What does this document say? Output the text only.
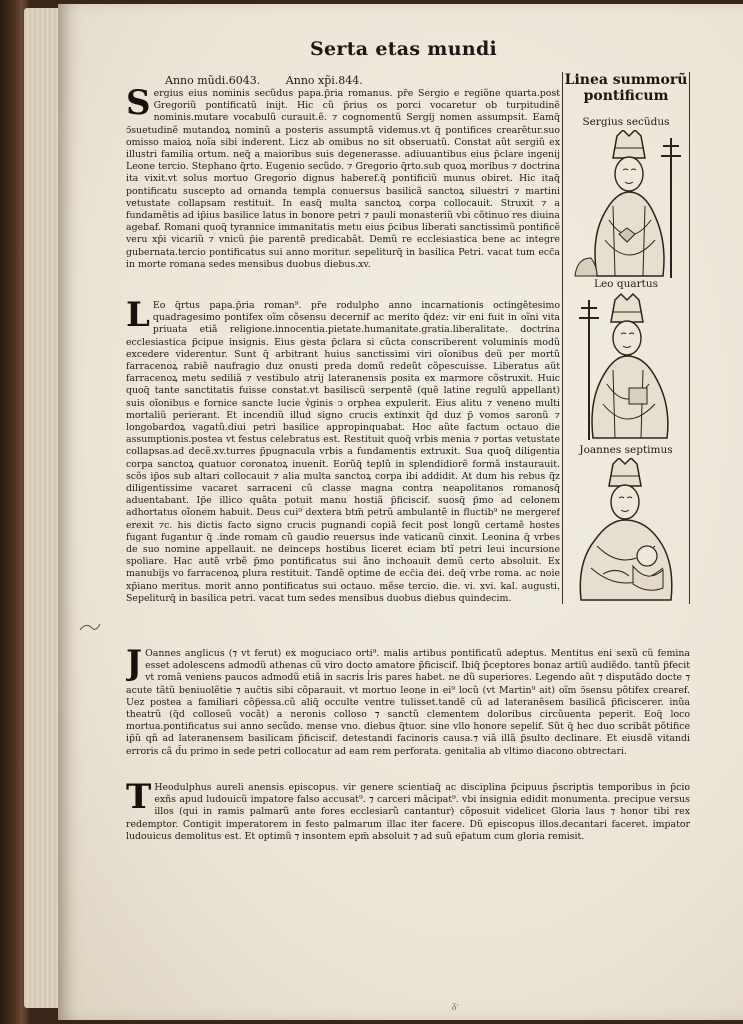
Serta etas mundi
Anno mũdi.6043. Anno xp̃i.844.
S ergius eius nominis secũdus papa.p̃ria romanus. pr̃e Sergio e regiõne quarta.post Gregoriũ pontificatũ inijt. Hic cũ p̃rius os porci vocaretur ob turpitudinẽ nominis.mutare vocabulũ curauit.ẽ. ⁊ cognomentũ Sergij nomen assumpsit. Eamq̃ ↄ̃suetudinẽ mutandoꝝ nominũ a posteris assumptã videmus.vt q̃ pontifices crearẽtur.suo omisso maioꝝ noĩa sibi inderent. Licz ab omibus no sit obseruatũ. Constat aũt sergiũ ex illustri familia ortum. neq̃ a maioribus suis degenerasse. adiuuantibus eius p̃clare ingenij Leone tercio. Stephano q̃rto. Eugenio secũdo. ⁊ Gregorio q̃rto.sub quoꝝ moribus ⁊ doctrina ita vixit.vt solus mortuo Gregorio dignus haberef.q̃ pontificiũ munus obiret. Hic itaq̃ pontificatu suscepto ad ornanda templa conuersus basilicã sanctoꝝ siluestri ⁊ martini vetustate collapsam restituit. In easq̃ multa sanctoꝝ corpa collocauit. Struxit ⁊ a fundamẽtis ad ip̃ius basilice latus in bonore petri ⁊ pauli monasteriũ vbi cõtinuo res diuina agebaf. Romani quoq̃ tyrannice immanitatis metu eius p̃cibus liberati sanctissimũ pontificẽ veru xp̃i vicariũ ⁊ vnicũ p̃ie parentẽ predicabãt. Demũ re ecclesiastica bene ac integre gubernata.tercio pontificatus sui anno moritur. sepeliturq̃ in basilica Petri. vacat tum ecc̃a in morte romana sedes mensibus duobus diebus.xv.
L Eo q̃rtus papa.p̃ria roman⁹. pr̃e rodulpho anno incarnationis octingẽtesimo quadragesimo pontifex oĩm cõsensu decernif ac merito q̃dez: vir eni fuit in oĩni vita priuata etiã religione.innocentia.pietate.humanitate.gratia.liberalitate. doctrina ecclesiastica p̃cipue insignis. Eius gesta p̃clara si cũcta conscriberent voluminis modũ excedere viderentur. Sunt q̃ arbitrant huius sanctissimi viri oĩonibus deũ per mortũ farracenoꝝ rabiẽ naufragio duz onusti preda domũ redeũt cõpescuisse. Liberatus aũt farracenoꝝ metu sediliã ⁊ vestibulo atrij lateranensis posita ex marmore cõstruxit. Huic quoq̃ tante sanctitatis fuisse constat.vt basiliscũ serpentẽ (quẽ latine regulũ appellant) suis oĩonibus e fornice sancte lucie v̾ginis ↄ orphea expulerit. Eius alitu ⁊ veneno multi mortaliũ perierant. Et incendiũ illud signo crucis extinxit q̃d duz p̃ vomos saronũ ⁊ longobardoꝝ vagatũ.diui petri basilice appropinquabat. Hoc aũte factum octauo die assumptionis.postea vt festus celebratus est. Restituit quoq̃ vrbis menia ⁊ portas vetustate collapsas.ad decẽ.xv.turres p̃pugnacula vrbis a fundamentis extruxit. Sua quoq̃ diligentia corpa sanctoꝝ quatuor coronatoꝝ inuenit. Eorũq̃ teplũ in splendidiorẽ formã instaurauit. scõs ip̃os sub altari collocauit ⁊ alia multa sanctoꝝ corpa ibi addidit. At dum his rebus q̃z diligentissime vacaret sarraceni cũ classe magna contra neapolitanos romanosq̃ aduentabant. Ip̃e illico quãta potuit manu hostiã p̃ficiscif. suosq̃ p̃mo ad celonem adhortatus oĩonem habuit. Deus cui⁹ dextera btm̃ petrũ ambulantẽ in fluctib⁹ ne mergeref erexit ⁊c. his dictis facto signo crucis pugnandi copiã fecit post longũ certamẽ hostes fugant fugantur q̃ .inde romam cũ gaudio reuersus inde vaticanũ cinxit. Leonina q̃ vrbes de suo nomine appellauit. ne deinceps hostibus liceret eciam btĩ petri leui incursione spoliare. Hac autẽ vrbẽ p̃mo pontificatus sui ãno inchoauit demũ certo absoluit. Ex manubijs vo farracenoꝝ plura restituit. Tandẽ optime de ecc̃ia dei. deq̃ vrbe roma. ac noie xp̃iano meritus. morit anno pontificatus sui octauo. mẽse tercio. die. vi. xvi. kal. augusti. Sepeliturq̃ in basilica petri. vacat tum sedes mensibus duobus diebus quindecim.
J Oannes anglicus (⁊ vt ferut) ex moguciaco orti⁹. malis artibus pontificatũ adeptus. Mentitus eni sexũ cũ femina esset adolescens admodũ athenas cũ viro docto amatore p̃ficiscif. Ibiq̃ p̃ceptores bonaz artiũ audiẽdo. tantũ p̃fecit vt romã veniens paucos admodũ etiã in sacris l̾ris pares habet. ne dũ superiores. Legendo aũt ⁊ disputãdo docte ⁊ acute tãtũ beniuolẽtie ⁊ auc̃tis sibi cõparauit. vt mortuo leone in ei⁹ locũ (vt Martin⁹ ait) oĩm ↄ̃sensu põtifex crearef. Uez postea a familiari cõp̃essa.cũ aliq̃ occulte ventre tulisset.tandẽ cũ ad lateranẽsem basilicã p̃ficiscerer. inũa theatrũ (q̃d colloseũ vocãt) a neronis colloso ⁊ sanctũ clementem doloribus circũuenta peperit. Eoq̃ loco mortua.pontificatus sui anno secũdo. mense vno. diebus q̃tuor. sine vllo honore sepelif. Sũt q̃ hec duo scribãt põtifice ip̃ũ qñ ad lateranensem basilicam p̃ficiscif. detestandi facinoris causa.⁊ viã illã p̃sulto declinare. Et eiusdẽ vitandi erroris cã d̃u primo in sede petri collocatur ad eam rem perforata. genitalia ab vltimo diacono obtrectari.
T Heodulphus aureli anensis episcopus. vir genere scientiaq̃ ac disciplina p̃cipuus p̃scriptis temporibus in p̃cio exñs apud ludouicũ impatore falso accusat⁹. ⁊ carceri mãcipat⁹. vbi insignia edidit monumenta. precipue versus illos (qui in ramis palmarũ ante fores ecclesiarũ cantantur) cõposuit videlicet Gloria laus ⁊ honor tibi rex redemptor. Contigit imperatorem in festo palmarum illac iter facere. Dũ episcopus illos.decantari faceret. impator ludouicus demolitus est. Et optimũ ⁊ insontem epm̃ absoluit ⁊ ad suũ ep̃atum cum gloria remisit.
Linea summorũ
pontificum
Sergius secũdus
Leo quartus
Joannes septimus
ᵹ·
